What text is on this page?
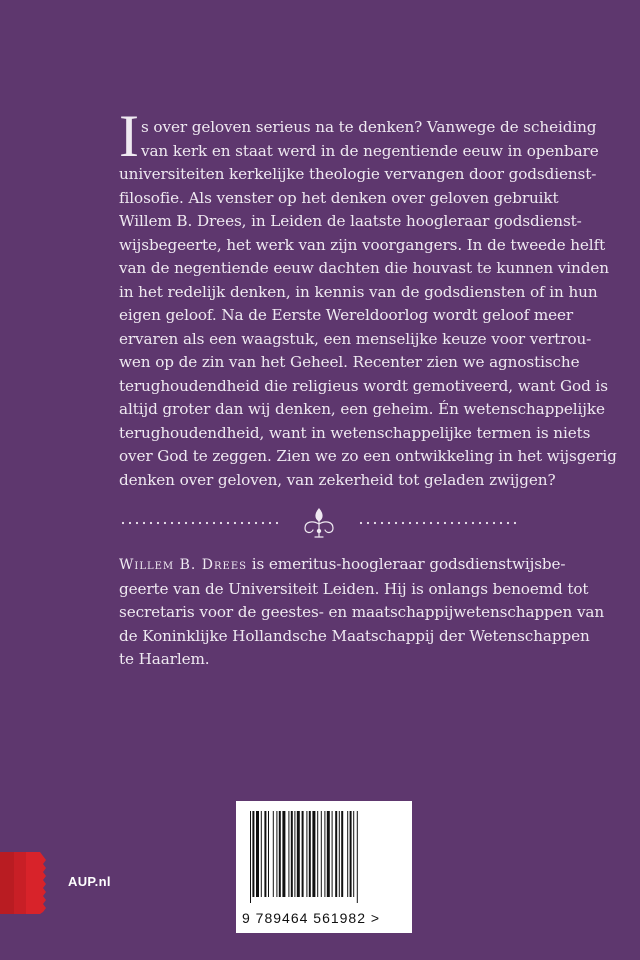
I s over geloven serieus na te denken? Vanwege de scheiding
van kerk en staat werd in de negentiende eeuw in openbare
universiteiten kerkelijke theologie vervangen door godsdienst-
filosofie. Als venster op het denken over geloven gebruikt
Willem B. Drees, in Leiden de laatste hoogleraar godsdienst-
wijsbegeerte, het werk van zijn voorgangers. In de tweede helft
van de negentiende eeuw dachten die houvast te kunnen vinden
in het redelijk denken, in kennis van de godsdiensten of in hun
eigen geloof. Na de Eerste Wereldoorlog wordt geloof meer
ervaren als een waagstuk, een menselijke keuze voor vertrou-
wen op de zin van het Geheel. Recenter zien we agnostische
terughoudendheid die religieus wordt gemotiveerd, want God is
altijd groter dan wij denken, een geheim. Én wetenschappelijke
terughoudendheid, want in wetenschappelijke termen is niets
over God te zeggen. Zien we zo een ontwikkeling in het wijsgerig
denken over geloven, van zekerheid tot geladen zwijgen?
Willem B. Drees is emeritus-hoogleraar godsdienstwijsbe-
geerte van de Universiteit Leiden. Hij is onlangs benoemd tot
secretaris voor de geestes- en maatschappijwetenschappen van
de Koninklijke Hollandsche Maatschappij der Wetenschappen
te Haarlem.
AUP.nl
9 789464 561982 >
